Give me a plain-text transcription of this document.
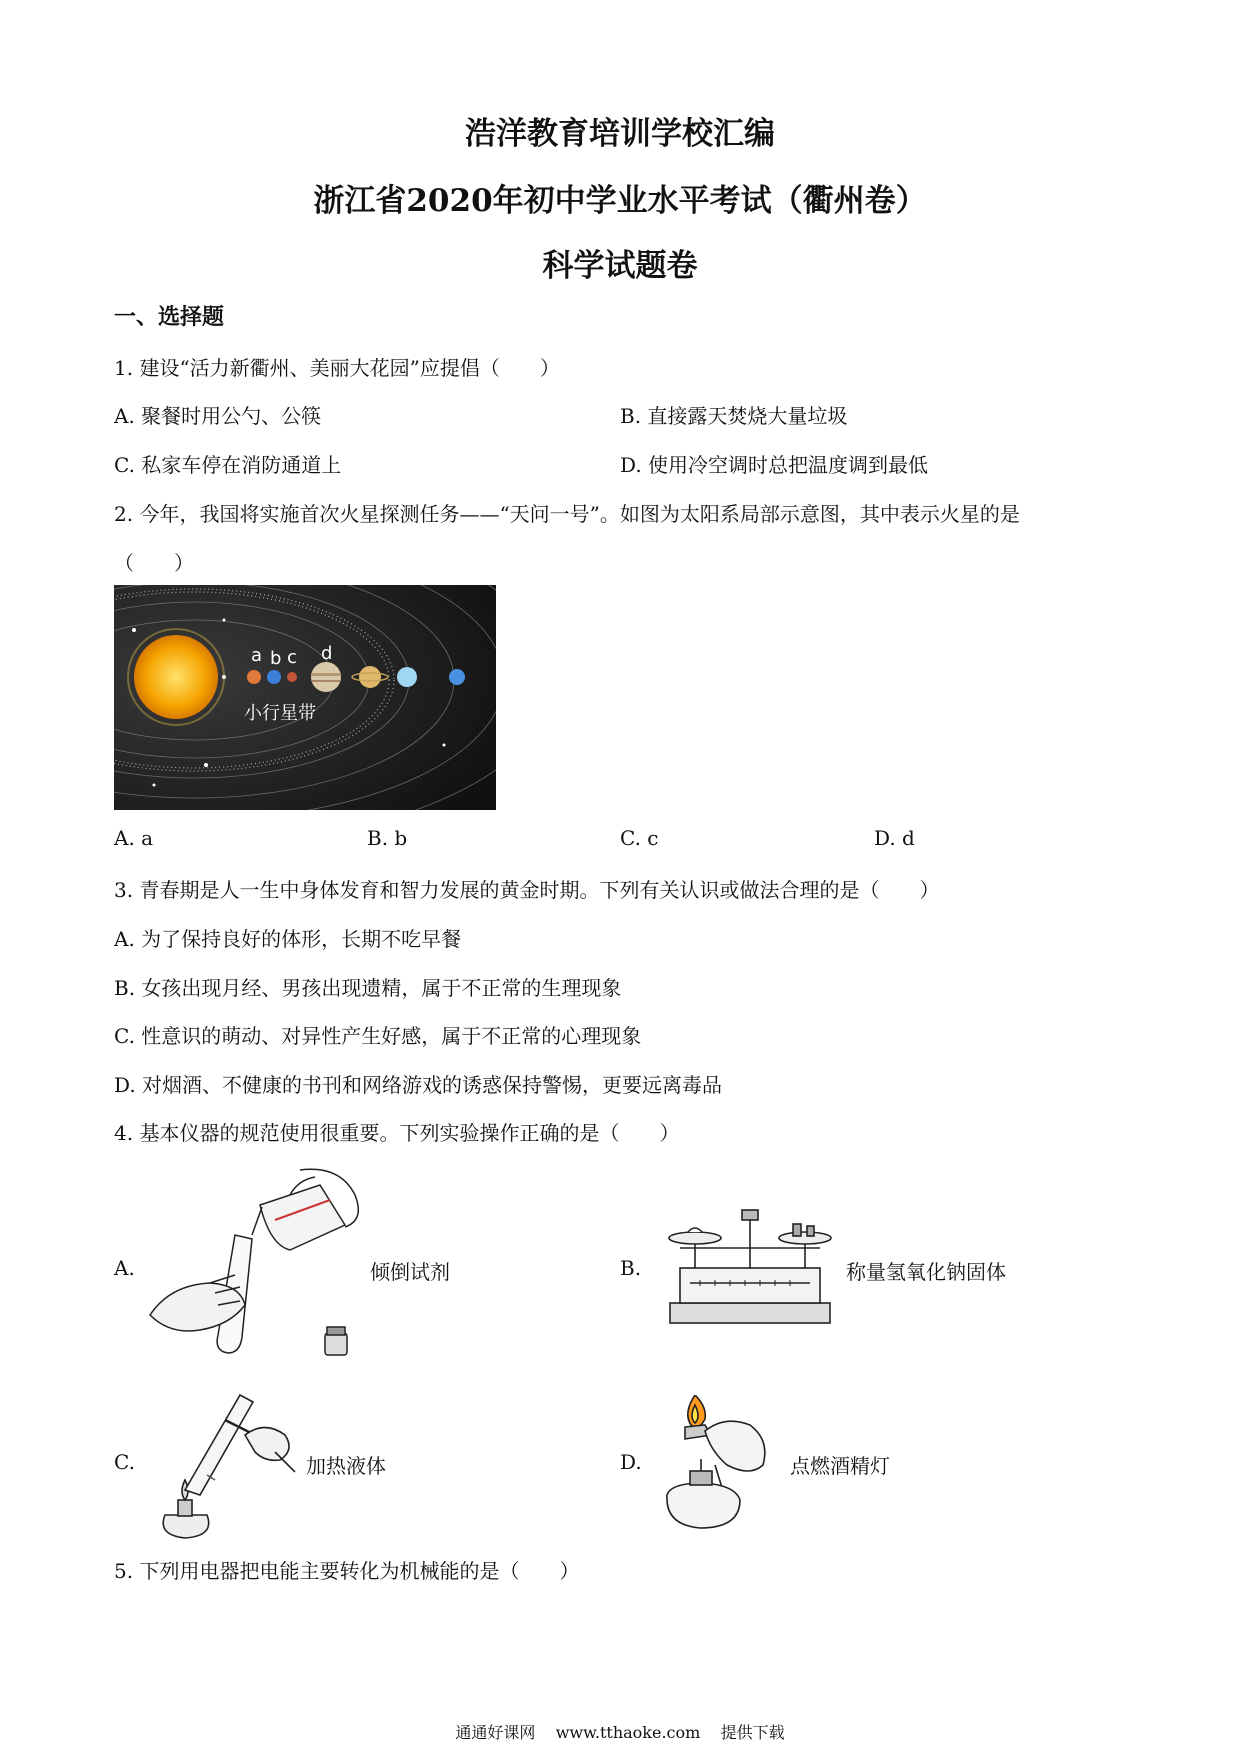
浩洋教育培训学校汇编
浙江省2020年初中学业水平考试（衢州卷）
科学试题卷
一、选择题
1. 建设“活力新衢州、美丽大花园”应提倡（　　）
A. 聚餐时用公勺、公筷	B. 直接露天焚烧大量垃圾
C. 私家车停在消防通道上	D. 使用冷空调时总把温度调到最低
2. 今年，我国将实施首次火星探测任务——“天问一号”。如图为太阳系局部示意图，其中表示火星的是
（　　）
a b c d
小行星带
A. a	B. b	C. c	D. d
3. 青春期是人一生中身体发育和智力发展的黄金时期。下列有关认识或做法合理的是（　　）
A. 为了保持良好的体形，长期不吃早餐
B. 女孩出现月经、男孩出现遗精，属于不正常的生理现象
C. 性意识的萌动、对异性产生好感，属于不正常的心理现象
D. 对烟酒、不健康的书刊和网络游戏的诱惑保持警惕，更要远离毒品
4. 基本仪器的规范使用很重要。下列实验操作正确的是（　　）
A.	倾倒试剂	B.	称量氢氧化钠固体
C.	加热液体	D.	点燃酒精灯
5. 下列用电器把电能主要转化为机械能的是（　　）
通通好课网 www.tthaoke.com 提供下载
